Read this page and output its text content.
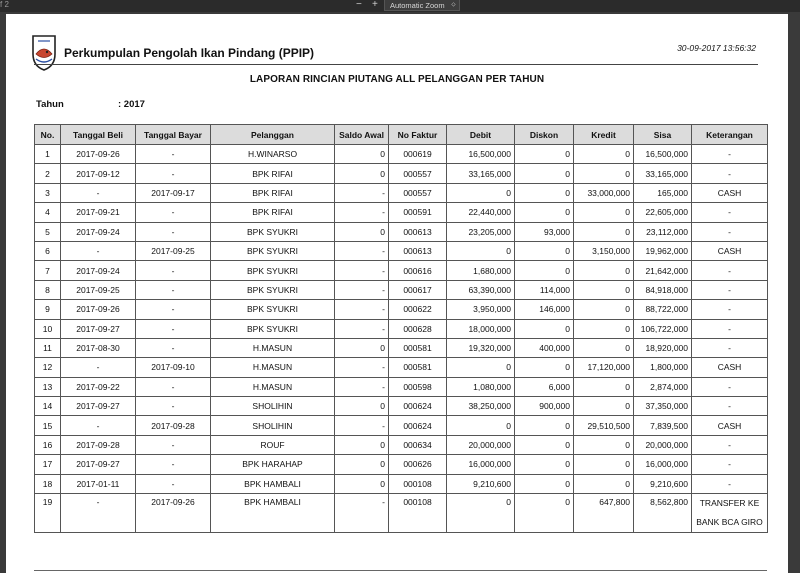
f 2	− +	Automatic Zoom ⬦
Perkumpulan Pengolah Ikan Pindang (PPIP)	30-09-2017 13:56:32
LAPORAN RINCIAN PIUTANG ALL PELANGGAN PER TAHUN
Tahun	: 2017
No.	Tanggal Beli	Tanggal Bayar	Pelanggan	Saldo Awal	No Faktur	Debit	Diskon	Kredit	Sisa	Keterangan
1	2017-09-26	-	H.WINARSO	0	000619	16,500,000	0	0	16,500,000	-
2	2017-09-12	-	BPK RIFAI	0	000557	33,165,000	0	0	33,165,000	-
3	-	2017-09-17	BPK RIFAI	-	000557	0	0	33,000,000	165,000	CASH
4	2017-09-21	-	BPK RIFAI	-	000591	22,440,000	0	0	22,605,000	-
5	2017-09-24	-	BPK SYUKRI	0	000613	23,205,000	93,000	0	23,112,000	-
6	-	2017-09-25	BPK SYUKRI	-	000613	0	0	3,150,000	19,962,000	CASH
7	2017-09-24	-	BPK SYUKRI	-	000616	1,680,000	0	0	21,642,000	-
8	2017-09-25	-	BPK SYUKRI	-	000617	63,390,000	114,000	0	84,918,000	-
9	2017-09-26	-	BPK SYUKRI	-	000622	3,950,000	146,000	0	88,722,000	-
10	2017-09-27	-	BPK SYUKRI	-	000628	18,000,000	0	0	106,722,000	-
11	2017-08-30	-	H.MASUN	0	000581	19,320,000	400,000	0	18,920,000	-
12	-	2017-09-10	H.MASUN	-	000581	0	0	17,120,000	1,800,000	CASH
13	2017-09-22	-	H.MASUN	-	000598	1,080,000	6,000	0	2,874,000	-
14	2017-09-27	-	SHOLIHIN	0	000624	38,250,000	900,000	0	37,350,000	-
15	-	2017-09-28	SHOLIHIN	-	000624	0	0	29,510,500	7,839,500	CASH
16	2017-09-28	-	ROUF	0	000634	20,000,000	0	0	20,000,000	-
17	2017-09-27	-	BPK HARAHAP	0	000626	16,000,000	0	0	16,000,000	-
18	2017-01-11	-	BPK HAMBALI	0	000108	9,210,600	0	0	9,210,600	-
19	-	2017-09-26	BPK HAMBALI	-	000108	0	0	647,800	8,562,800	TRANSFER KE BANK BCA GIRO
